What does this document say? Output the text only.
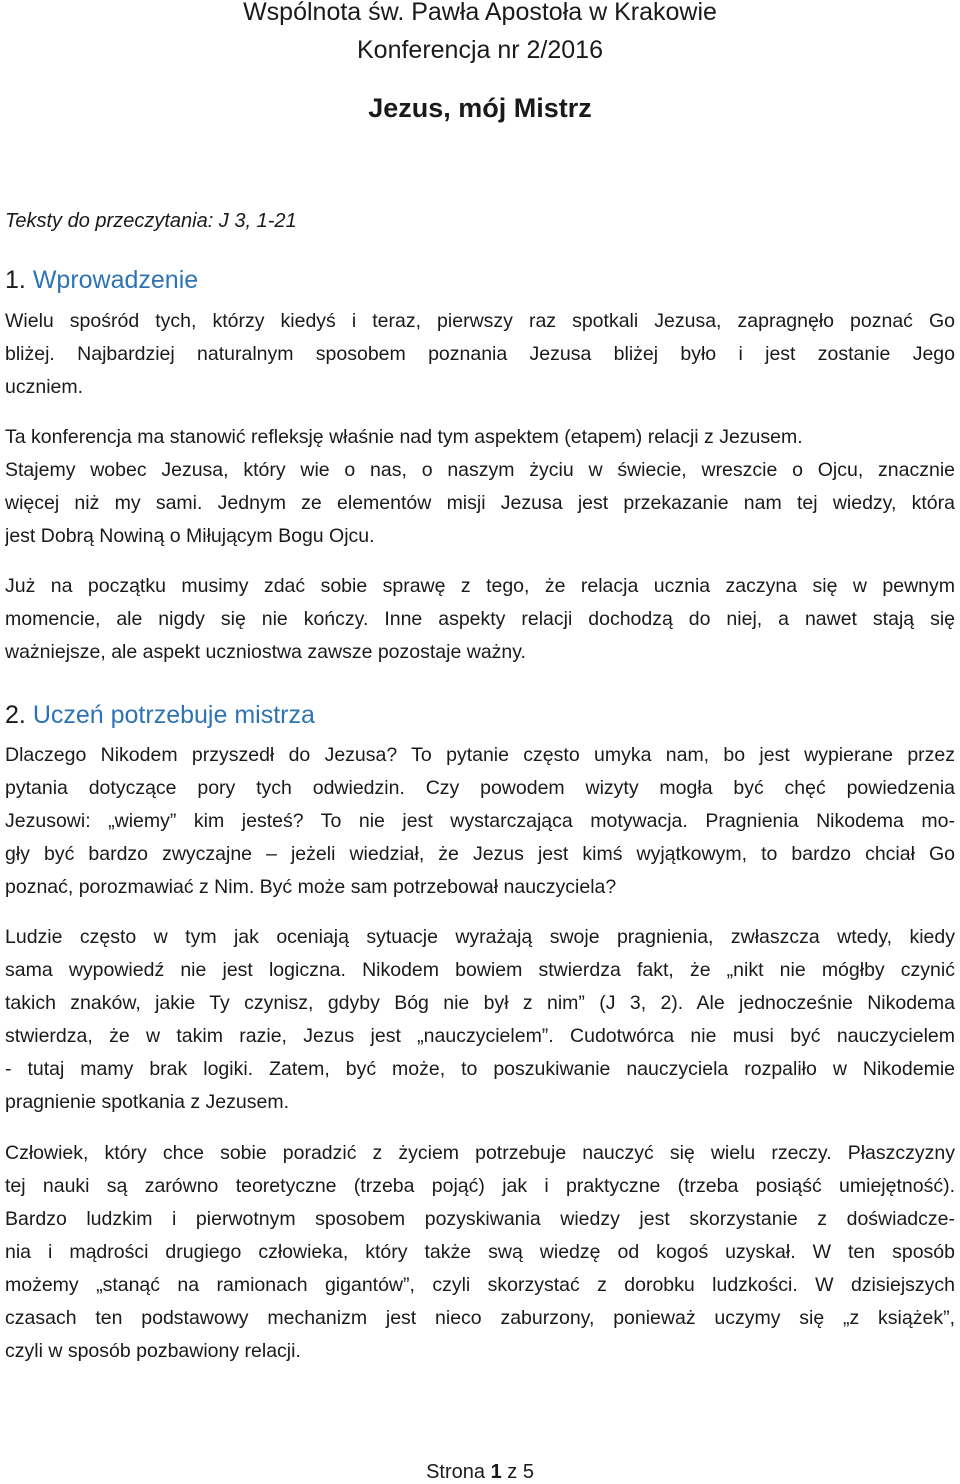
Wspólnota św. Pawła Apostoła w Krakowie
Konferencja nr 2/2016
Jezus, mój Mistrz
Teksty do przeczytania: J 3, 1-21
1. Wprowadzenie
Wielu spośród tych, którzy kiedyś i teraz, pierwszy raz spotkali Jezusa, zapragnęło poznać Go
bliżej. Najbardziej naturalnym sposobem poznania Jezusa bliżej było i jest zostanie Jego
uczniem.
Ta konferencja ma stanowić refleksję właśnie nad tym aspektem (etapem) relacji z Jezusem.
Stajemy wobec Jezusa, który wie o nas, o naszym życiu w świecie, wreszcie o Ojcu, znacznie
więcej niż my sami. Jednym ze elementów misji Jezusa jest przekazanie nam tej wiedzy, która
jest Dobrą Nowiną o Miłującym Bogu Ojcu.
Już na początku musimy zdać sobie sprawę z tego, że relacja ucznia zaczyna się w pewnym
momencie, ale nigdy się nie kończy. Inne aspekty relacji dochodzą do niej, a nawet stają się
ważniejsze, ale aspekt uczniostwa zawsze pozostaje ważny.
2. Uczeń potrzebuje mistrza
Dlaczego Nikodem przyszedł do Jezusa? To pytanie często umyka nam, bo jest wypierane przez
pytania dotyczące pory tych odwiedzin. Czy powodem wizyty mogła być chęć powiedzenia
Jezusowi: „wiemy” kim jesteś? To nie jest wystarczająca motywacja. Pragnienia Nikodema mo-
gły być bardzo zwyczajne – jeżeli wiedział, że Jezus jest kimś wyjątkowym, to bardzo chciał Go
poznać, porozmawiać z Nim. Być może sam potrzebował nauczyciela?
Ludzie często w tym jak oceniają sytuacje wyrażają swoje pragnienia, zwłaszcza wtedy, kiedy
sama wypowiedź nie jest logiczna. Nikodem bowiem stwierdza fakt, że „nikt nie mógłby czynić
takich znaków, jakie Ty czynisz, gdyby Bóg nie był z nim” (J 3, 2). Ale jednocześnie Nikodema
stwierdza, że w takim razie, Jezus jest „nauczycielem”. Cudotwórca nie musi być nauczycielem
- tutaj mamy brak logiki. Zatem, być może, to poszukiwanie nauczyciela rozpaliło w Nikodemie
pragnienie spotkania z Jezusem.
Człowiek, który chce sobie poradzić z życiem potrzebuje nauczyć się wielu rzeczy. Płaszczyzny
tej nauki są zarówno teoretyczne (trzeba pojąć) jak i praktyczne (trzeba posiąść umiejętność).
Bardzo ludzkim i pierwotnym sposobem pozyskiwania wiedzy jest skorzystanie z doświadcze-
nia i mądrości drugiego człowieka, który także swą wiedzę od kogoś uzyskał. W ten sposób
możemy „stanąć na ramionach gigantów”, czyli skorzystać z dorobku ludzkości. W dzisiejszych
czasach ten podstawowy mechanizm jest nieco zaburzony, ponieważ uczymy się „z książek”,
czyli w sposób pozbawiony relacji.
Strona 1 z 5
